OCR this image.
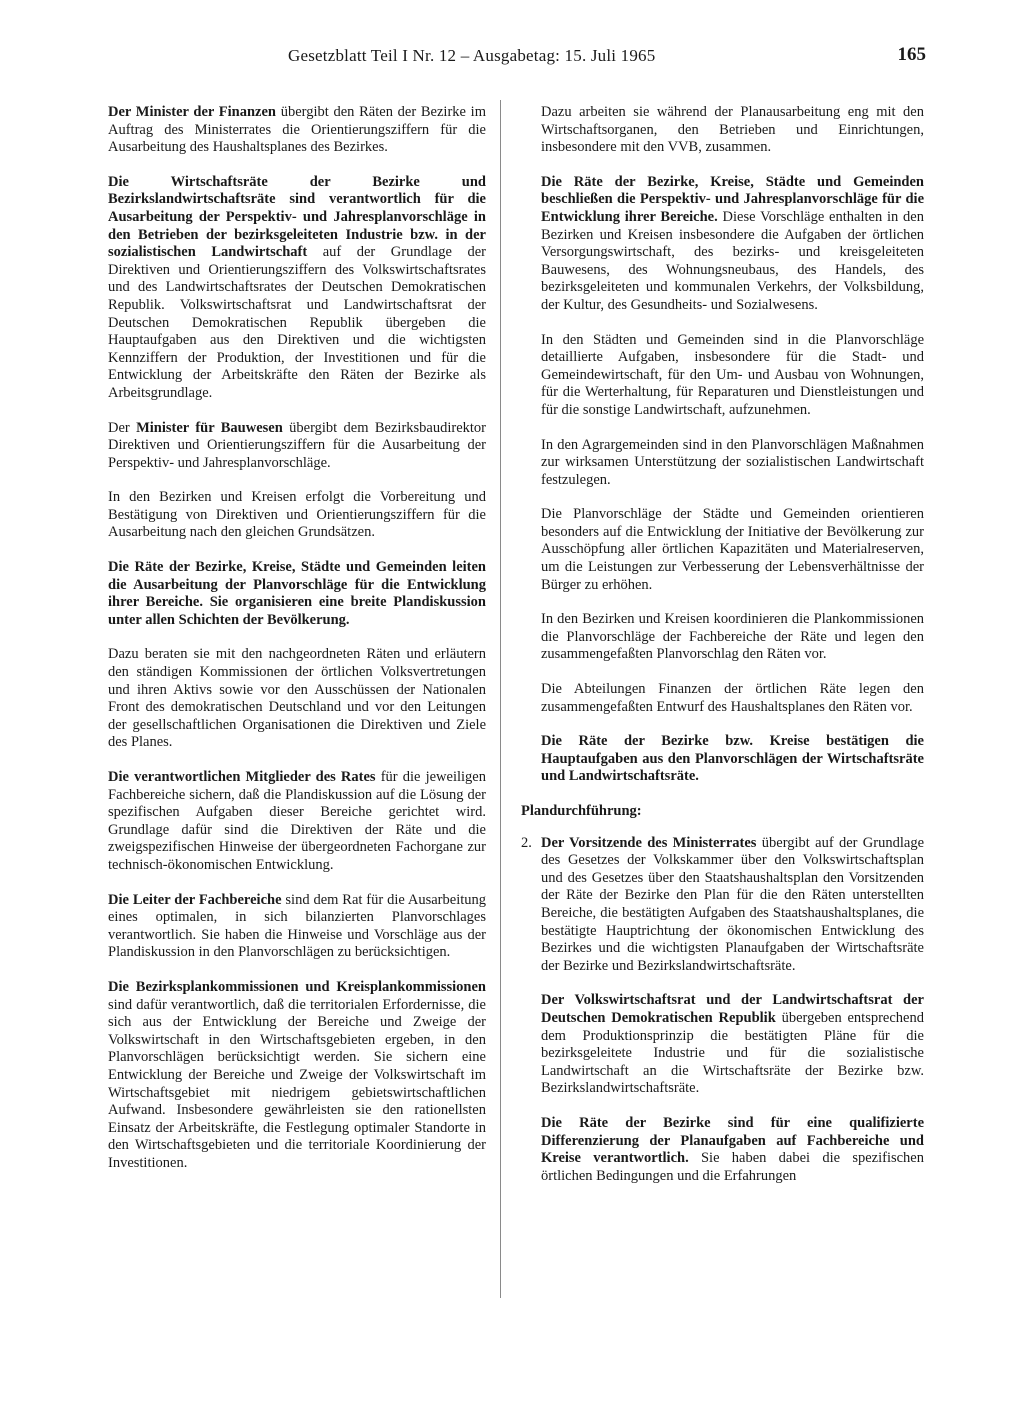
Gesetzblatt Teil I Nr. 12 – Ausgabetag: 15. Juli 1965	165

Der Minister der Finanzen übergibt den Räten der Bezirke im Auftrag des Ministerrates die Orientierungsziffern für die Ausarbeitung des Haushaltsplanes des Bezirkes.

Die Wirtschaftsräte der Bezirke und Bezirkslandwirtschaftsräte sind verantwortlich für die Ausarbeitung der Perspektiv- und Jahresplanvorschläge in den Betrieben der bezirksgeleiteten Industrie bzw. in der sozialistischen Landwirtschaft auf der Grundlage der Direktiven und Orientierungsziffern des Volkswirtschaftsrates und des Landwirtschaftsrates der Deutschen Demokratischen Republik. Volkswirtschaftsrat und Landwirtschaftsrat der Deutschen Demokratischen Republik übergeben die Hauptaufgaben aus den Direktiven und die wichtigsten Kennziffern der Produktion, der Investitionen und für die Entwicklung der Arbeitskräfte den Räten der Bezirke als Arbeitsgrundlage.

Der Minister für Bauwesen übergibt dem Bezirksbaudirektor Direktiven und Orientierungsziffern für die Ausarbeitung der Perspektiv- und Jahresplanvorschläge.

In den Bezirken und Kreisen erfolgt die Vorbereitung und Bestätigung von Direktiven und Orientierungsziffern für die Ausarbeitung nach den gleichen Grundsätzen.

Die Räte der Bezirke, Kreise, Städte und Gemeinden leiten die Ausarbeitung der Planvorschläge für die Entwicklung ihrer Bereiche. Sie organisieren eine breite Plandiskussion unter allen Schichten der Bevölkerung.

Dazu beraten sie mit den nachgeordneten Räten und erläutern den ständigen Kommissionen der örtlichen Volksvertretungen und ihren Aktivs sowie vor den Ausschüssen der Nationalen Front des demokratischen Deutschland und vor den Leitungen der gesellschaftlichen Organisationen die Direktiven und Ziele des Planes.

Die verantwortlichen Mitglieder des Rates für die jeweiligen Fachbereiche sichern, daß die Plandiskussion auf die Lösung der spezifischen Aufgaben dieser Bereiche gerichtet wird. Grundlage dafür sind die Direktiven der Räte und die zweigspezifischen Hinweise der übergeordneten Fachorgane zur technisch-ökonomischen Entwicklung.

Die Leiter der Fachbereiche sind dem Rat für die Ausarbeitung eines optimalen, in sich bilanzierten Planvorschlages verantwortlich. Sie haben die Hinweise und Vorschläge aus der Plandiskussion in den Planvorschlägen zu berücksichtigen.

Die Bezirksplankommissionen und Kreisplankommissionen sind dafür verantwortlich, daß die territorialen Erfordernisse, die sich aus der Entwicklung der Bereiche und Zweige der Volkswirtschaft in den Wirtschaftsgebieten ergeben, in den Planvorschlägen berücksichtigt werden. Sie sichern eine Entwicklung der Bereiche und Zweige der Volkswirtschaft im Wirtschaftsgebiet mit niedrigem gebietswirtschaftlichen Aufwand. Insbesondere gewährleisten sie den rationellsten Einsatz der Arbeitskräfte, die Festlegung optimaler Standorte in den Wirtschaftsgebieten und die territoriale Koordinierung der Investitionen.

Dazu arbeiten sie während der Planausarbeitung eng mit den Wirtschaftsorganen, den Betrieben und Einrichtungen, insbesondere mit den VVB, zusammen.

Die Räte der Bezirke, Kreise, Städte und Gemeinden beschließen die Perspektiv- und Jahresplanvorschläge für die Entwicklung ihrer Bereiche. Diese Vorschläge enthalten in den Bezirken und Kreisen insbesondere die Aufgaben der örtlichen Versorgungswirtschaft, des bezirks- und kreisgeleiteten Bauwesens, des Wohnungsneubaus, des Handels, des bezirksgeleiteten und kommunalen Verkehrs, der Volksbildung, der Kultur, des Gesundheits- und Sozialwesens.

In den Städten und Gemeinden sind in die Planvorschläge detaillierte Aufgaben, insbesondere für die Stadt- und Gemeindewirtschaft, für den Um- und Ausbau von Wohnungen, für die Werterhaltung, für Reparaturen und Dienstleistungen und für die sonstige Landwirtschaft, aufzunehmen.

In den Agrargemeinden sind in den Planvorschlägen Maßnahmen zur wirksamen Unterstützung der sozialistischen Landwirtschaft festzulegen.

Die Planvorschläge der Städte und Gemeinden orientieren besonders auf die Entwicklung der Initiative der Bevölkerung zur Ausschöpfung aller örtlichen Kapazitäten und Materialreserven, um die Leistungen zur Verbesserung der Lebensverhältnisse der Bürger zu erhöhen.

In den Bezirken und Kreisen koordinieren die Plankommissionen die Planvorschläge der Fachbereiche der Räte und legen den zusammengefaßten Planvorschlag den Räten vor.

Die Abteilungen Finanzen der örtlichen Räte legen den zusammengefaßten Entwurf des Haushaltsplanes den Räten vor.

Die Räte der Bezirke bzw. Kreise bestätigen die Hauptaufgaben aus den Planvorschlägen der Wirtschaftsräte und Landwirtschaftsräte.

Plandurchführung:

2. Der Vorsitzende des Ministerrates übergibt auf der Grundlage des Gesetzes der Volkskammer über den Volkswirtschaftsplan und des Gesetzes über den Staatshaushaltsplan den Vorsitzenden der Räte der Bezirke den Plan für die den Räten unterstellten Bereiche, die bestätigten Aufgaben des Staatshaushaltsplanes, die bestätigte Hauptrichtung der ökonomischen Entwicklung des Bezirkes und die wichtigsten Planaufgaben der Wirtschaftsräte der Bezirke und Bezirkslandwirtschaftsräte.

Der Volkswirtschaftsrat und der Landwirtschaftsrat der Deutschen Demokratischen Republik übergeben entsprechend dem Produktionsprinzip die bestätigten Pläne für die bezirksgeleitete Industrie und für die sozialistische Landwirtschaft an die Wirtschaftsräte der Bezirke bzw. Bezirkslandwirtschaftsräte.

Die Räte der Bezirke sind für eine qualifizierte Differenzierung der Planaufgaben auf Fachbereiche und Kreise verantwortlich. Sie haben dabei die spezifischen örtlichen Bedingungen und die Erfahrungen
